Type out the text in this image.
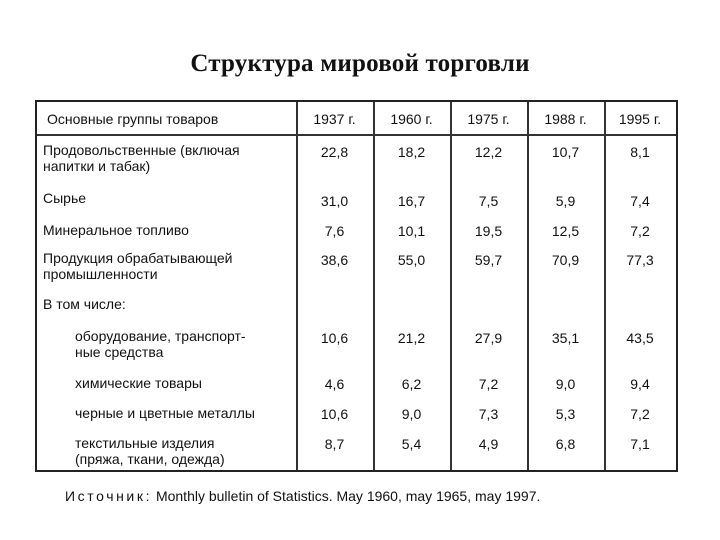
Структура мировой торговли
Основные группы товаров	1937 г.	1960 г.	1975 г.	1988 г.	1995 г.
Продовольственные (включая
напитки и табак)
22,8	18,2	12,2	10,7	8,1
Сырье	31,0	16,7	7,5	5,9	7,4
Минеральное топливо	7,6	10,1	19,5	12,5	7,2
Продукция обрабатывающей
промышленности
38,6	55,0	59,7	70,9	77,3
В том числе:
оборудование, транспорт-
ные средства
10,6	21,2	27,9	35,1	43,5
химические товары	4,6	6,2	7,2	9,0	9,4
черные и цветные металлы	10,6	9,0	7,3	5,3	7,2
текстильные изделия
(пряжа, ткани, одежда)
8,7	5,4	4,9	6,8	7,1
Источник: Monthly bulletin of Statistics. May 1960, may 1965, may 1997.
